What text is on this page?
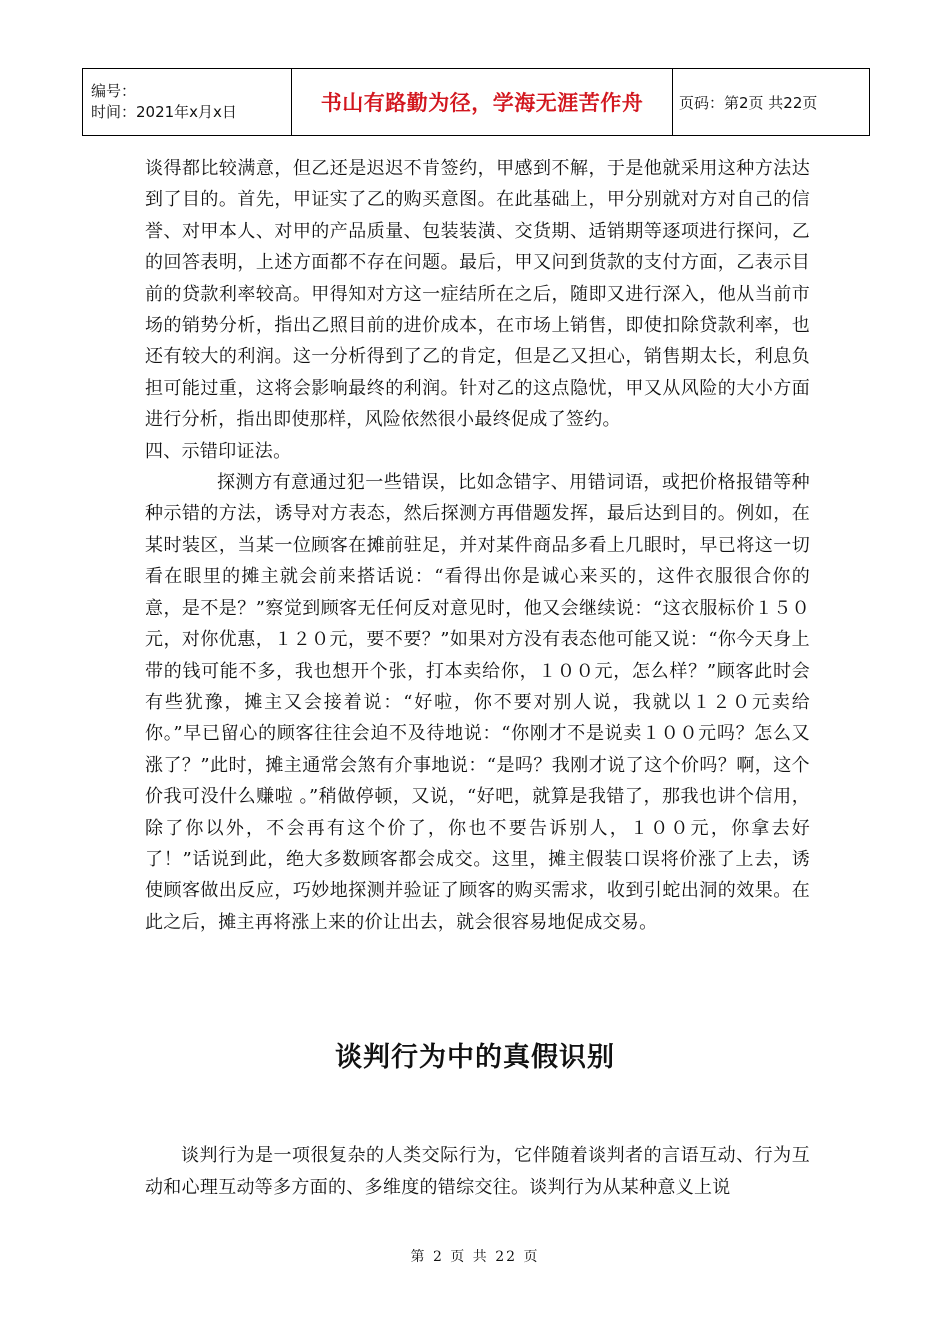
编号：
时间：2021年x月x日	书山有路勤为径，学海无涯苦作舟	页码：第2页 共22页

谈得都比较满意，但乙还是迟迟不肯签约，甲感到不解，于是他就采用这种方法达到了目的。首先，甲证实了乙的购买意图。在此基础上，甲分别就对方对自己的信誉、对甲本人、对甲的产品质量、包装装潢、交货期、适销期等逐项进行探问，乙的回答表明，上述方面都不存在问题。最后，甲又问到货款的支付方面，乙表示目前的贷款利率较高。甲得知对方这一症结所在之后，随即又进行深入，他从当前市场的销势分析，指出乙照目前的进价成本，在市场上销售，即使扣除贷款利率，也还有较大的利润。这一分析得到了乙的肯定，但是乙又担心，销售期太长，利息负担可能过重，这将会影响最终的利润。针对乙的这点隐忧，甲又从风险的大小方面进行分析，指出即使那样，风险依然很小最终促成了签约。

四、示错印证法。

探测方有意通过犯一些错误，比如念错字、用错词语，或把价格报错等种种示错的方法，诱导对方表态，然后探测方再借题发挥，最后达到目的。例如，在某时装区，当某一位顾客在摊前驻足，并对某件商品多看上几眼时，早已将这一切看在眼里的摊主就会前来搭话说：“看得出你是诚心来买的，这件衣服很合你的意，是不是？”察觉到顾客无任何反对意见时，他又会继续说：“这衣服标价１５０元，对你优惠，１２０元，要不要？”如果对方没有表态他可能又说：“你今天身上带的钱可能不多，我也想开个张，打本卖给你，１００元，怎么样？”顾客此时会有些犹豫，摊主又会接着说：“好啦，你不要对别人说，我就以１２０元卖给你。”早已留心的顾客往往会迫不及待地说：“你刚才不是说卖１００元吗？怎么又涨了？”此时，摊主通常会煞有介事地说：“是吗？我刚才说了这个价吗？啊，这个价我可没什么赚啦 。”稍做停顿，又说，“好吧，就算是我错了，那我也讲个信用，除了你以外，不会再有这个价了，你也不要告诉别人，１００元，你拿去好了！”话说到此，绝大多数顾客都会成交。这里，摊主假装口误将价涨了上去，诱使顾客做出反应，巧妙地探测并验证了顾客的购买需求，收到引蛇出洞的效果。在此之后，摊主再将涨上来的价让出去，就会很容易地促成交易。

谈判行为中的真假识别

谈判行为是一项很复杂的人类交际行为，它伴随着谈判者的言语互动、行为互动和心理互动等多方面的、多维度的错综交往。谈判行为从某种意义上说

第 2 页 共 22 页
